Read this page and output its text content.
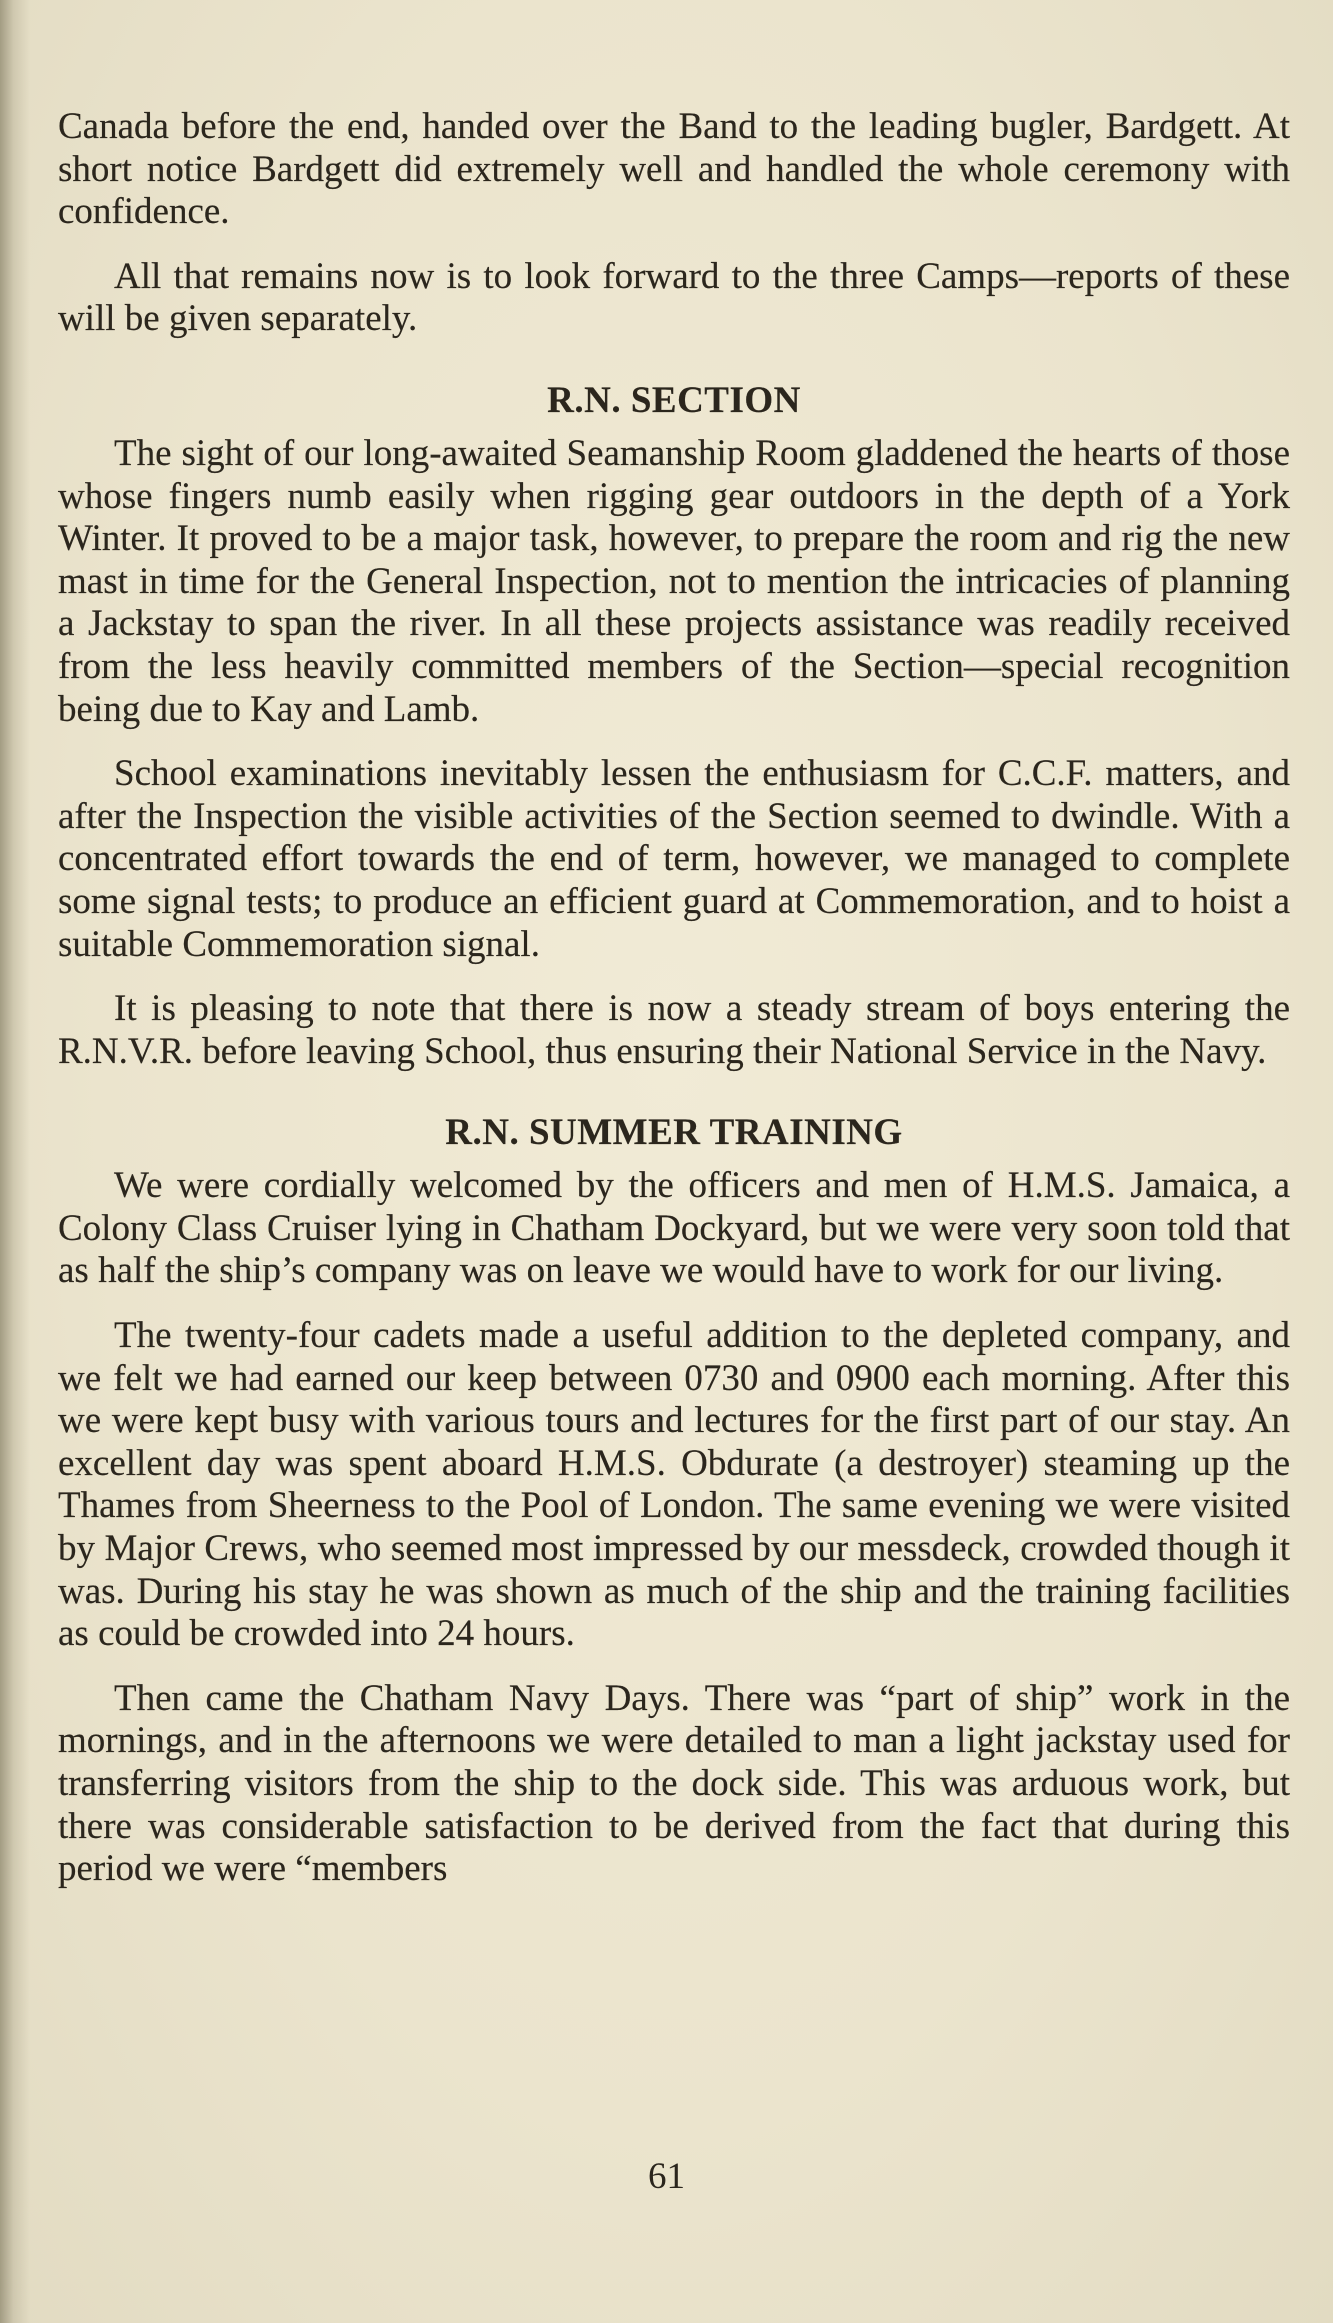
Canada before the end, handed over the Band to the leading bugler, Bardgett. At short notice Bardgett did extremely well and handled the whole ceremony with confidence.

All that remains now is to look forward to the three Camps—reports of these will be given separately.

R.N. SECTION

The sight of our long-awaited Seamanship Room gladdened the hearts of those whose fingers numb easily when rigging gear outdoors in the depth of a York Winter. It proved to be a major task, however, to prepare the room and rig the new mast in time for the General Inspection, not to mention the intricacies of planning a Jackstay to span the river. In all these projects assistance was readily received from the less heavily committed members of the Section—special recognition being due to Kay and Lamb.

School examinations inevitably lessen the enthusiasm for C.C.F. matters, and after the Inspection the visible activities of the Section seemed to dwindle. With a concentrated effort towards the end of term, however, we managed to complete some signal tests; to produce an efficient guard at Commemoration, and to hoist a suitable Commemoration signal.

It is pleasing to note that there is now a steady stream of boys entering the R.N.V.R. before leaving School, thus ensuring their National Service in the Navy.

R.N. SUMMER TRAINING

We were cordially welcomed by the officers and men of H.M.S. Jamaica, a Colony Class Cruiser lying in Chatham Dockyard, but we were very soon told that as half the ship’s company was on leave we would have to work for our living.

The twenty-four cadets made a useful addition to the depleted company, and we felt we had earned our keep between 0730 and 0900 each morning. After this we were kept busy with various tours and lectures for the first part of our stay. An excellent day was spent aboard H.M.S. Obdurate (a destroyer) steaming up the Thames from Sheerness to the Pool of London. The same evening we were visited by Major Crews, who seemed most impressed by our messdeck, crowded though it was. During his stay he was shown as much of the ship and the training facilities as could be crowded into 24 hours.

Then came the Chatham Navy Days. There was “part of ship” work in the mornings, and in the afternoons we were detailed to man a light jackstay used for transferring visitors from the ship to the dock side. This was arduous work, but there was considerable satisfaction to be derived from the fact that during this period we were “members

61
